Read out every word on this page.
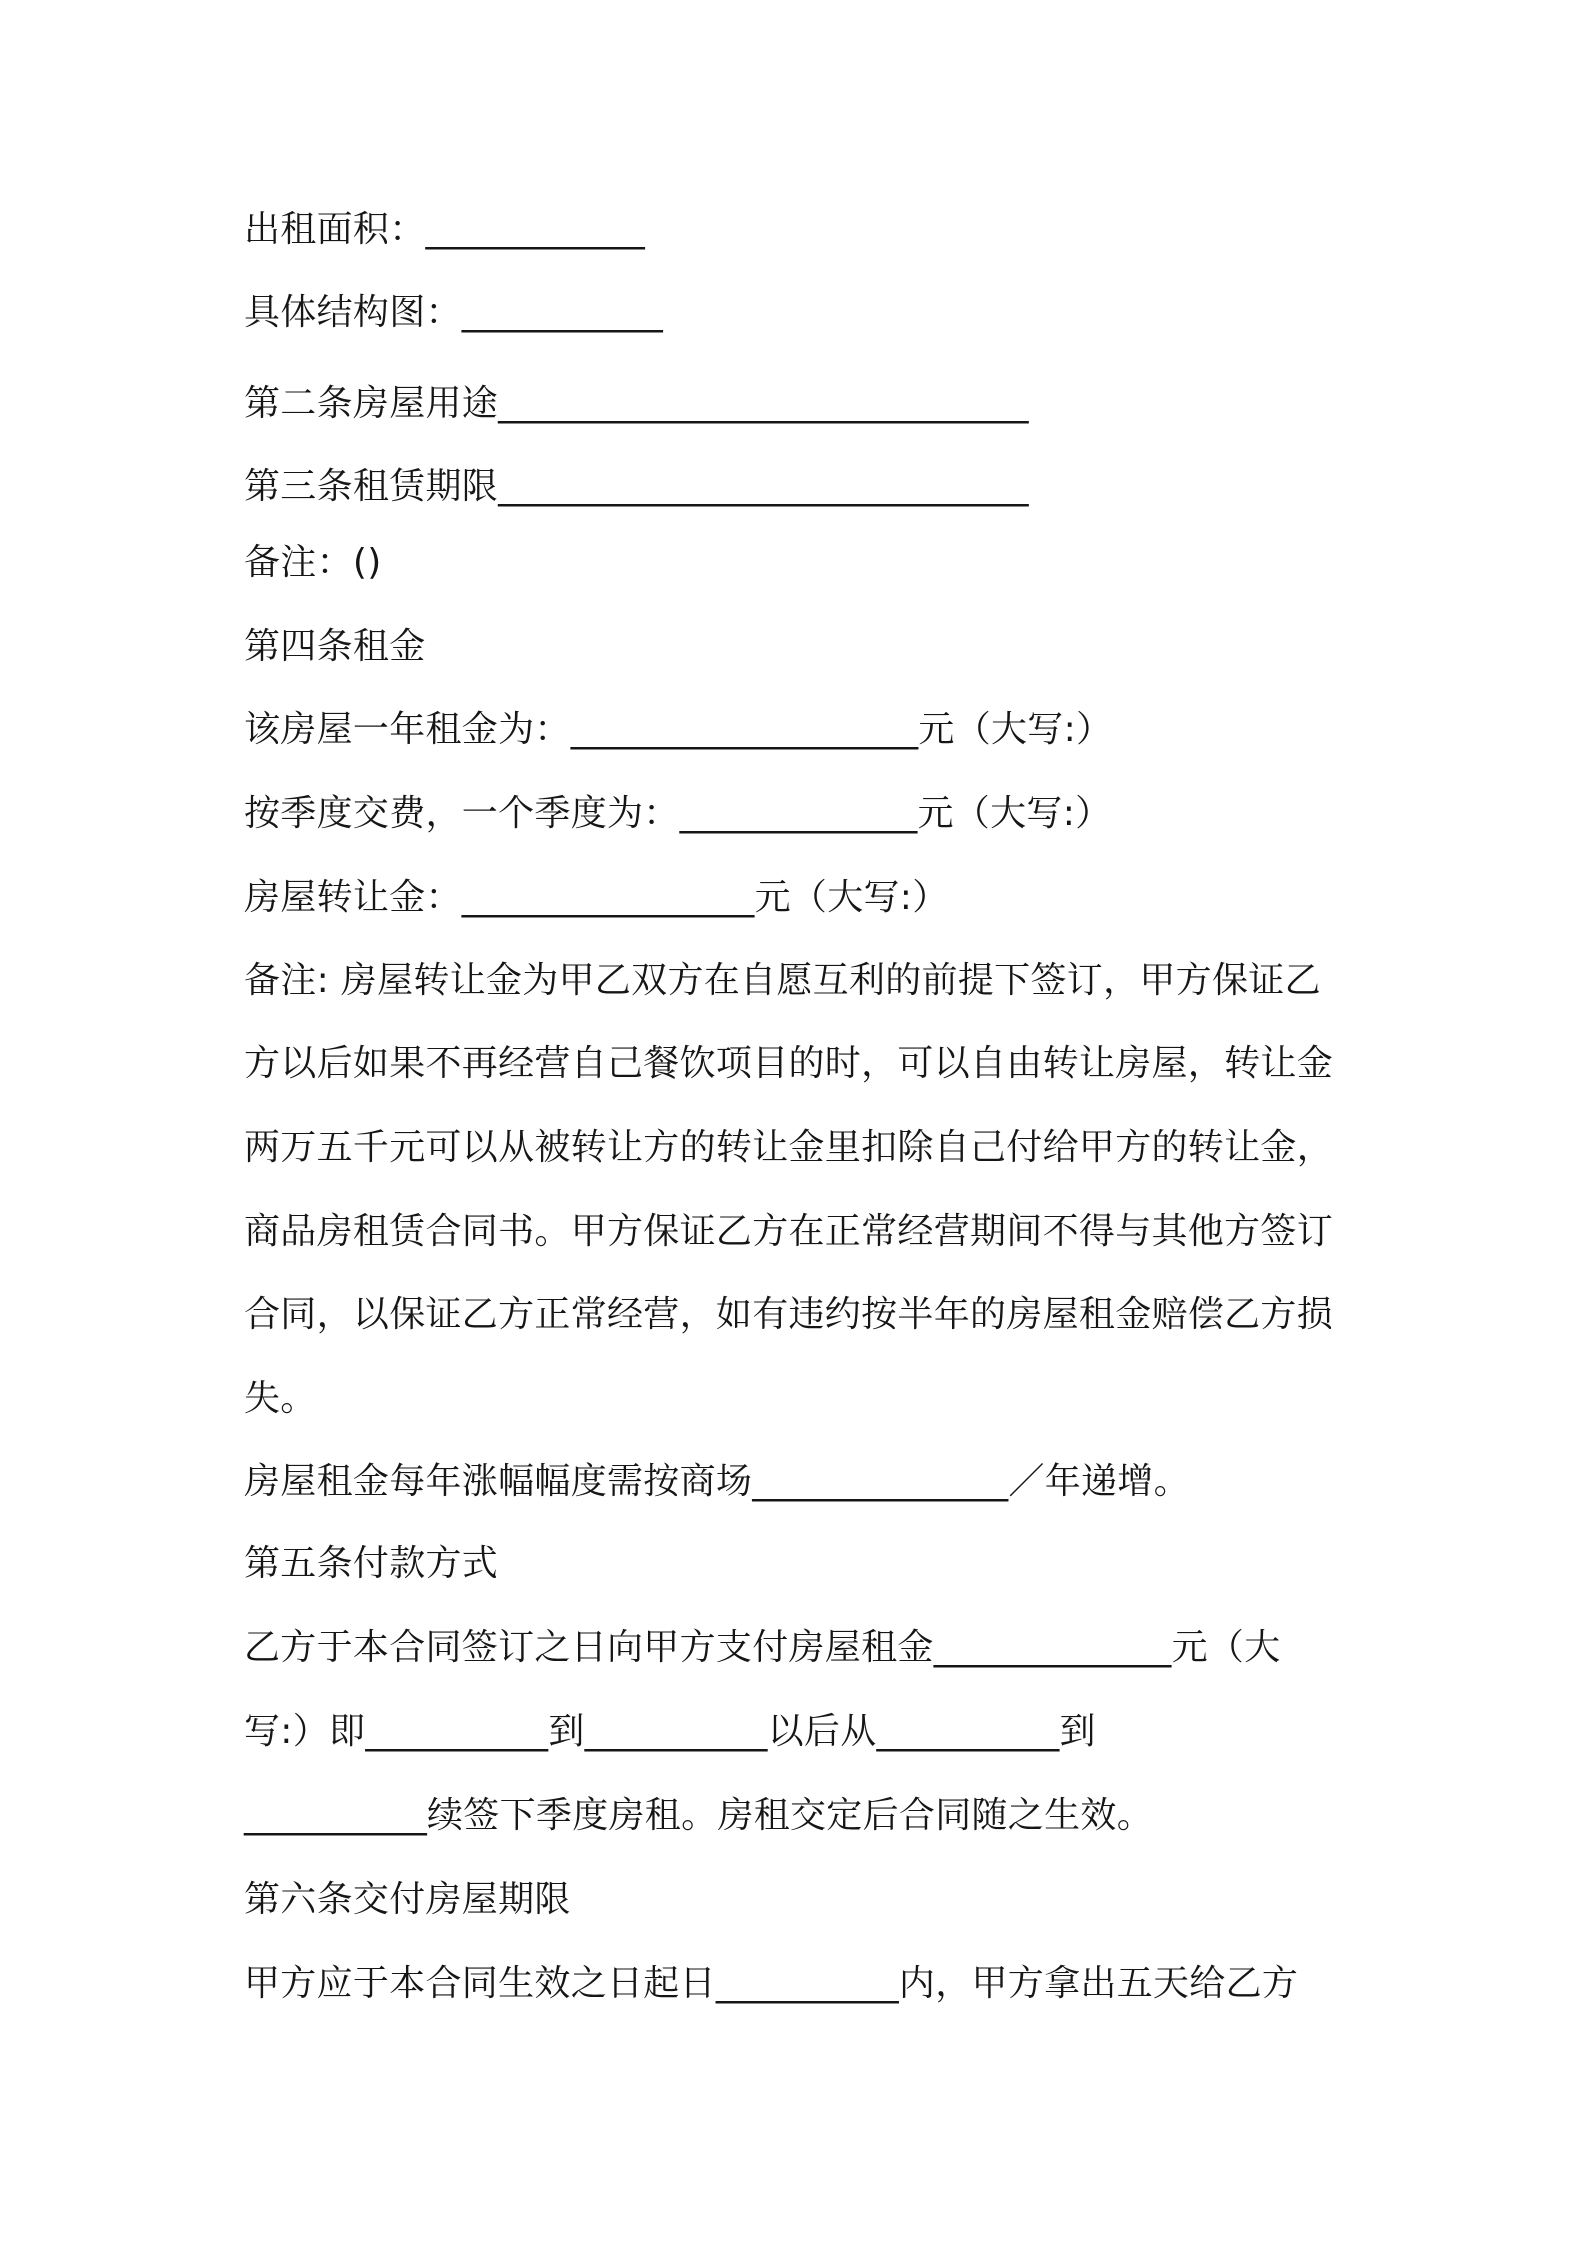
出租面积：____________

具体结构图：___________

第二条房屋用途_____________________________

第三条租赁期限_____________________________

备注：()

第四条租金

该房屋一年租金为：___________________元（大写:）

按季度交费，一个季度为：_____________元（大写:）

房屋转让金：________________元（大写:）

备注: 房屋转让金为甲乙双方在自愿互利的前提下签订，甲方保证乙

方以后如果不再经营自己餐饮项目的时，可以自由转让房屋，转让金

两万五千元可以从被转让方的转让金里扣除自己付给甲方的转让金，

商品房租赁合同书。甲方保证乙方在正常经营期间不得与其他方签订

合同，以保证乙方正常经营，如有违约按半年的房屋租金赔偿乙方损

失。

房屋租金每年涨幅幅度需按商场______________／年递增。

第五条付款方式

乙方于本合同签订之日向甲方支付房屋租金_____________元（大

写:）即__________到__________以后从__________到

__________续签下季度房租。房租交定后合同随之生效。

第六条交付房屋期限

甲方应于本合同生效之日起日__________内，甲方拿出五天给乙方
